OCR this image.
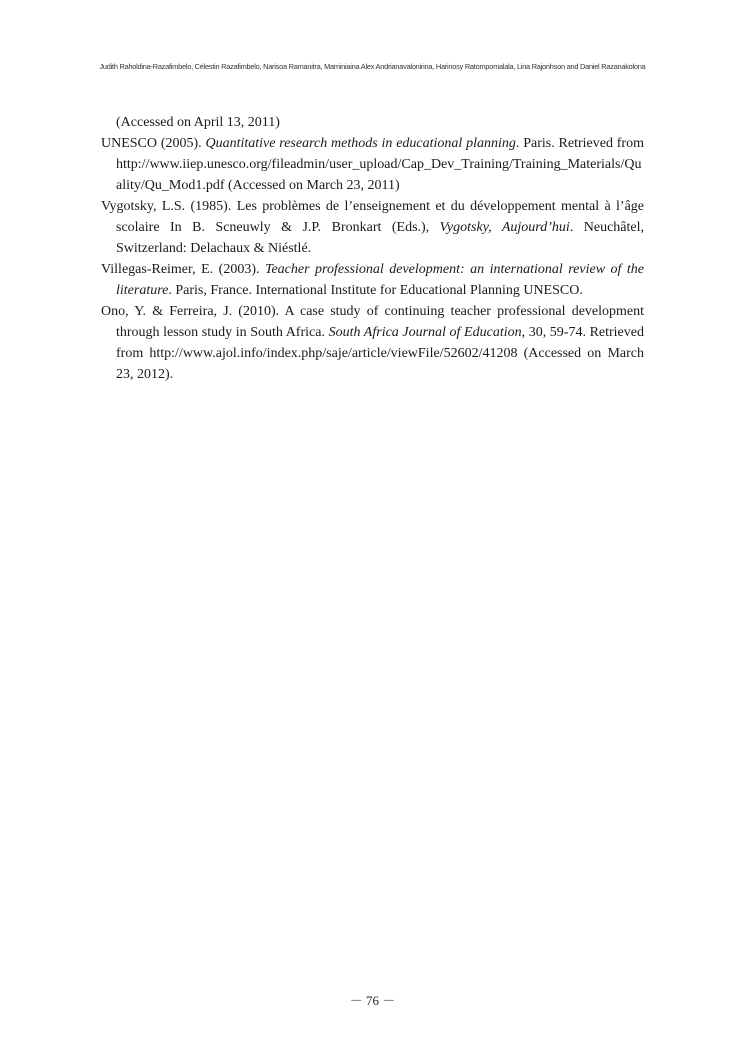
Judith Raholdina-Razafimbelo, Célestin Razafimbelo, Narisoa Ramanitra, Maminiaina Alex Andrianavalonirina, Harinosy Ratompomalala, Lina Rajonhson and Daniel Razanakolona

(Accessed on April 13, 2011)

UNESCO (2005). Quantitative research methods in educational planning. Paris. Retrieved from http://www.iiep.unesco.org/fileadmin/user_upload/Cap_Dev_Training/Training_Materials/Quality/Qu_Mod1.pdf (Accessed on March 23, 2011)

Vygotsky, L.S. (1985). Les problèmes de l’enseignement et du développement mental à l’âge scolaire In B. Scneuwly & J.P. Bronkart (Eds.), Vygotsky, Aujourd’hui. Neuchâtel, Switzerland: Delachaux & Niéstlé.

Villegas-Reimer, E. (2003). Teacher professional development: an international review of the literature. Paris, France. International Institute for Educational Planning UNESCO.

Ono, Y. & Ferreira, J. (2010). A case study of continuing teacher professional development through lesson study in South Africa. South Africa Journal of Education, 30, 59-74. Retrieved from http://www.ajol.info/index.php/saje/article/viewFile/52602/41208 (Accessed on March 23, 2012).

－ 76 －
